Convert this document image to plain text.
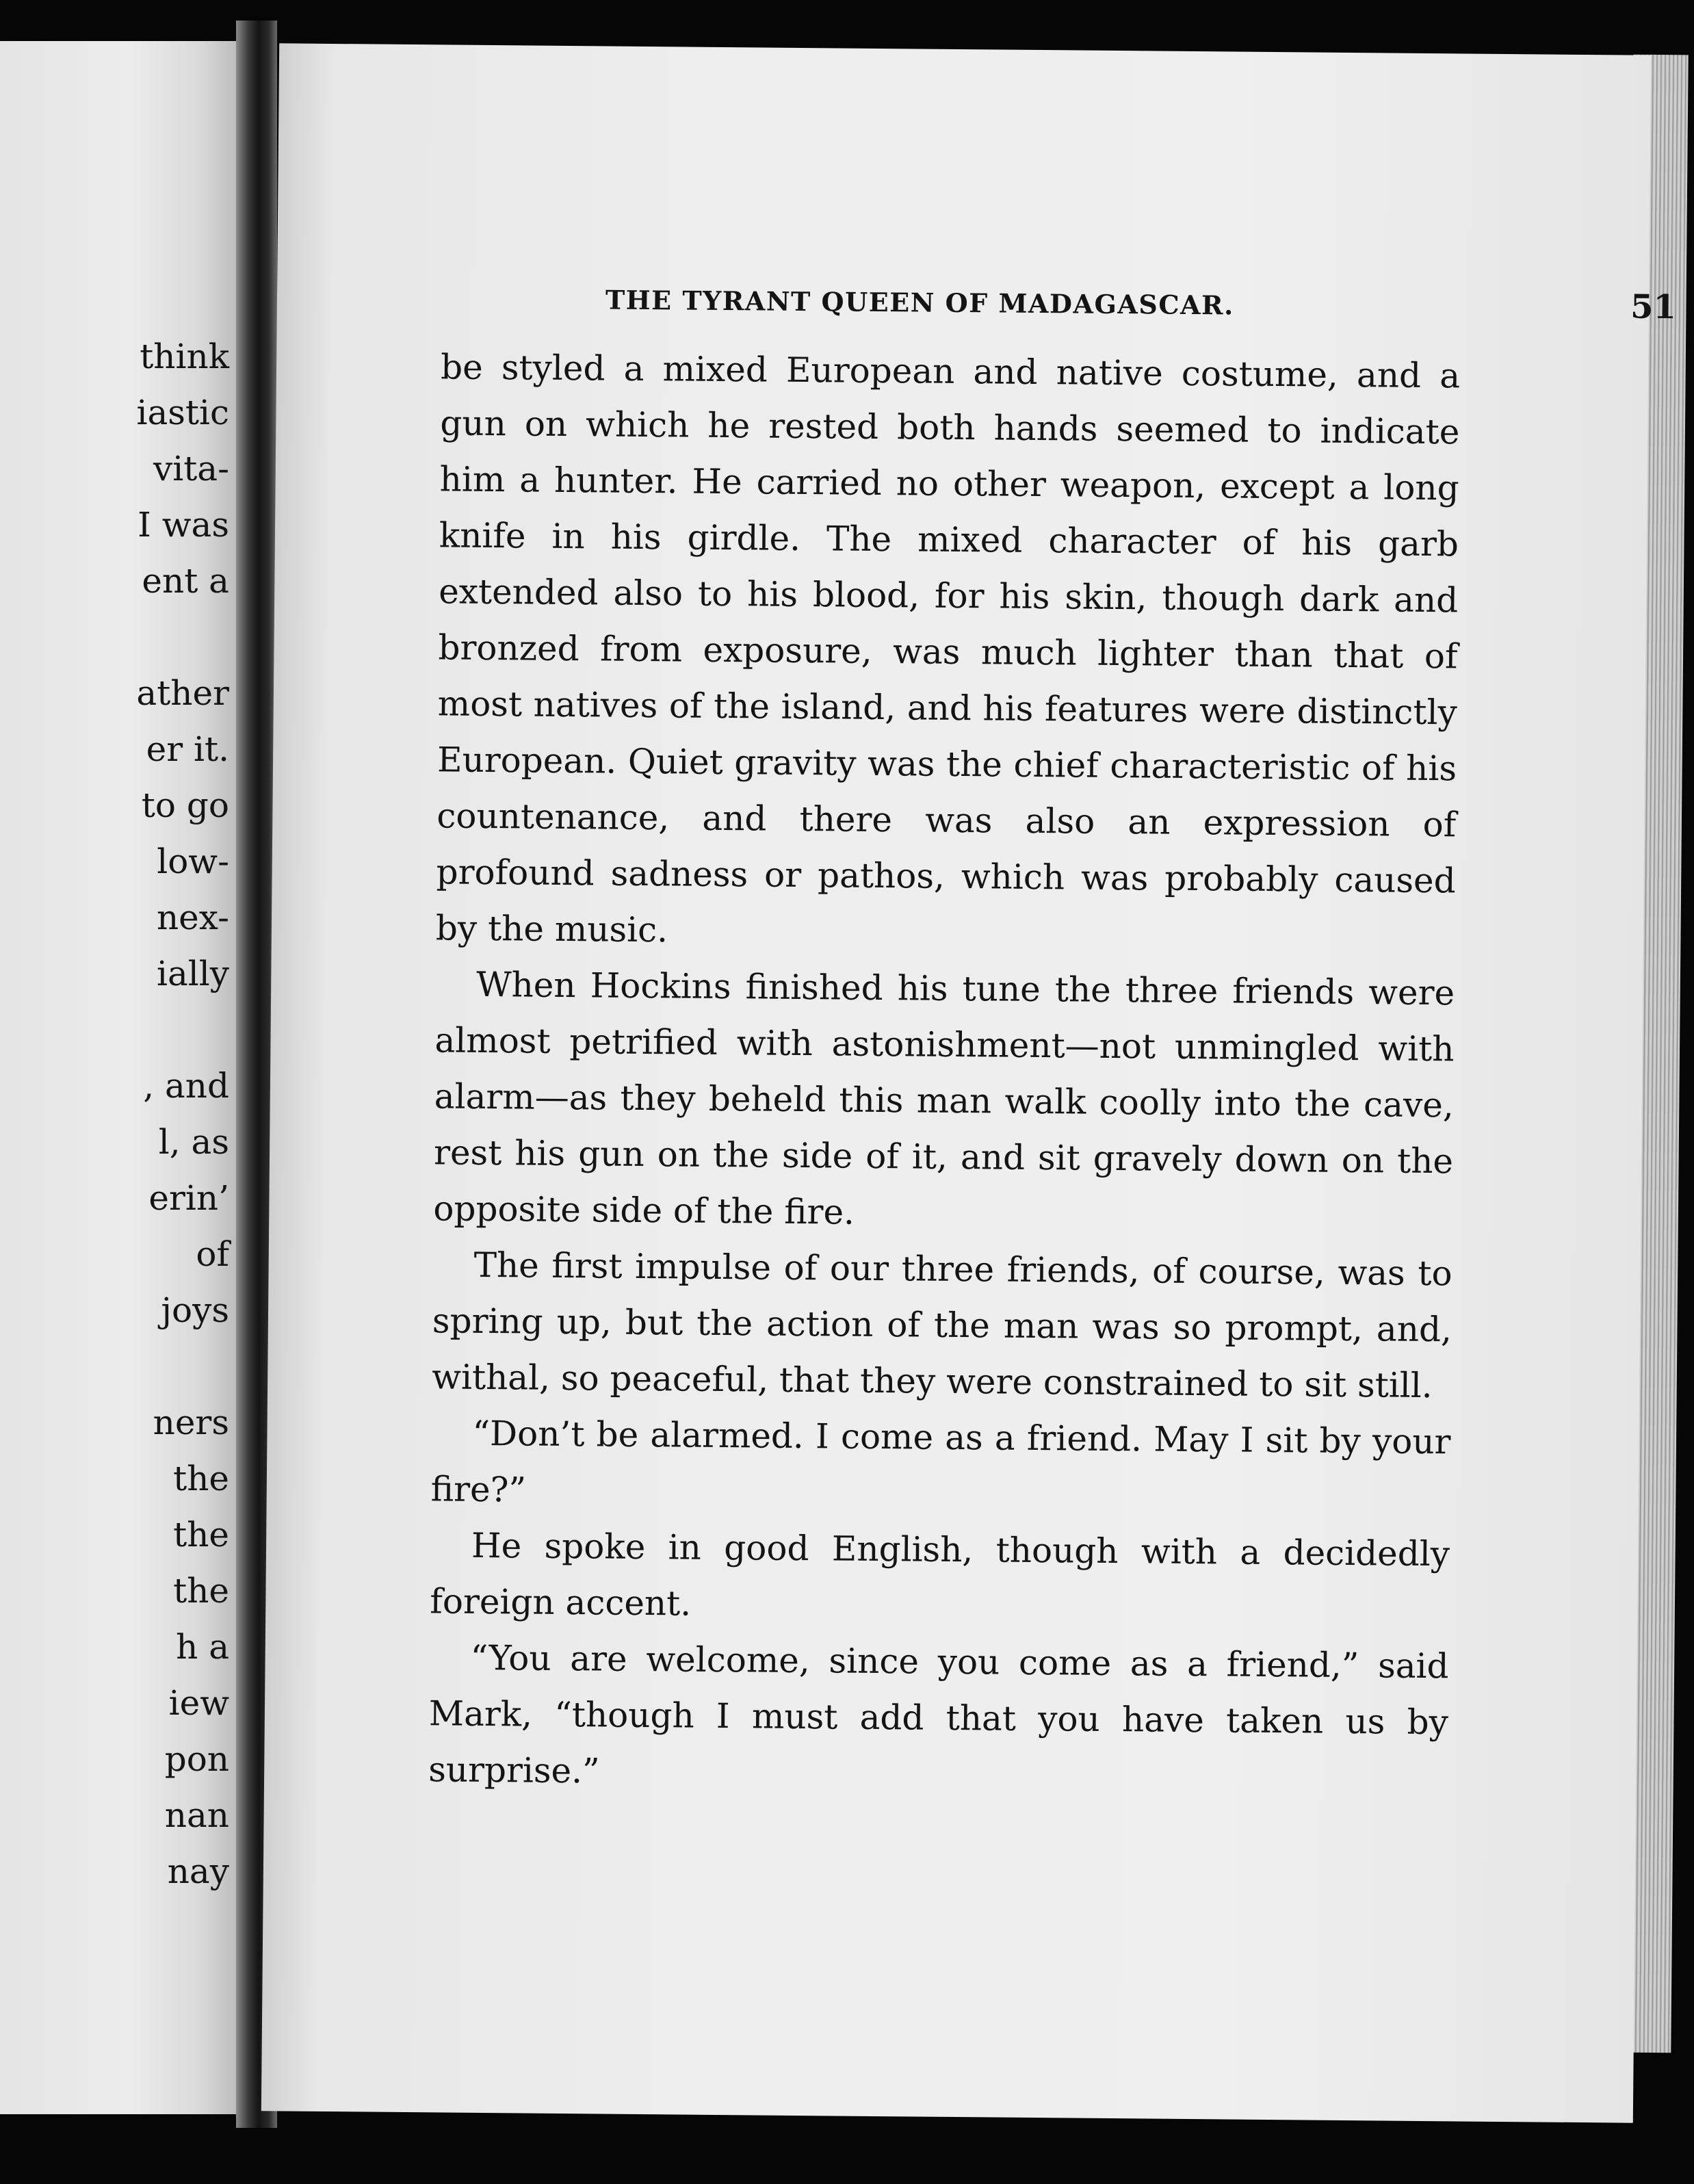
think
iastic
vita-
I was
ent a
ather
er it.
to go
low-
nex-
ially
, and
l, as
erin’
of
joys
ners
the
the
the
h a
iew
pon
nan
nay
THE TYRANT QUEEN OF MADAGASCAR.	51

be styled a mixed European and native costume, and a gun on which he rested both hands seemed to indicate him a hunter. He carried no other weapon, except a long knife in his girdle. The mixed character of his garb extended also to his blood, for his skin, though dark and bronzed from exposure, was much lighter than that of most natives of the island, and his features were distinctly European. Quiet gravity was the chief characteristic of his countenance, and there was also an expression of profound sadness or pathos, which was probably caused by the music.

When Hockins finished his tune the three friends were almost petrified with astonishment—not unmingled with alarm—as they beheld this man walk coolly into the cave, rest his gun on the side of it, and sit gravely down on the opposite side of the fire.

The first impulse of our three friends, of course, was to spring up, but the action of the man was so prompt, and, withal, so peaceful, that they were constrained to sit still.

“Don’t be alarmed. I come as a friend. May I sit by your fire?”

He spoke in good English, though with a decidedly foreign accent.

“You are welcome, since you come as a friend,” said Mark, “though I must add that you have taken us by surprise.”
